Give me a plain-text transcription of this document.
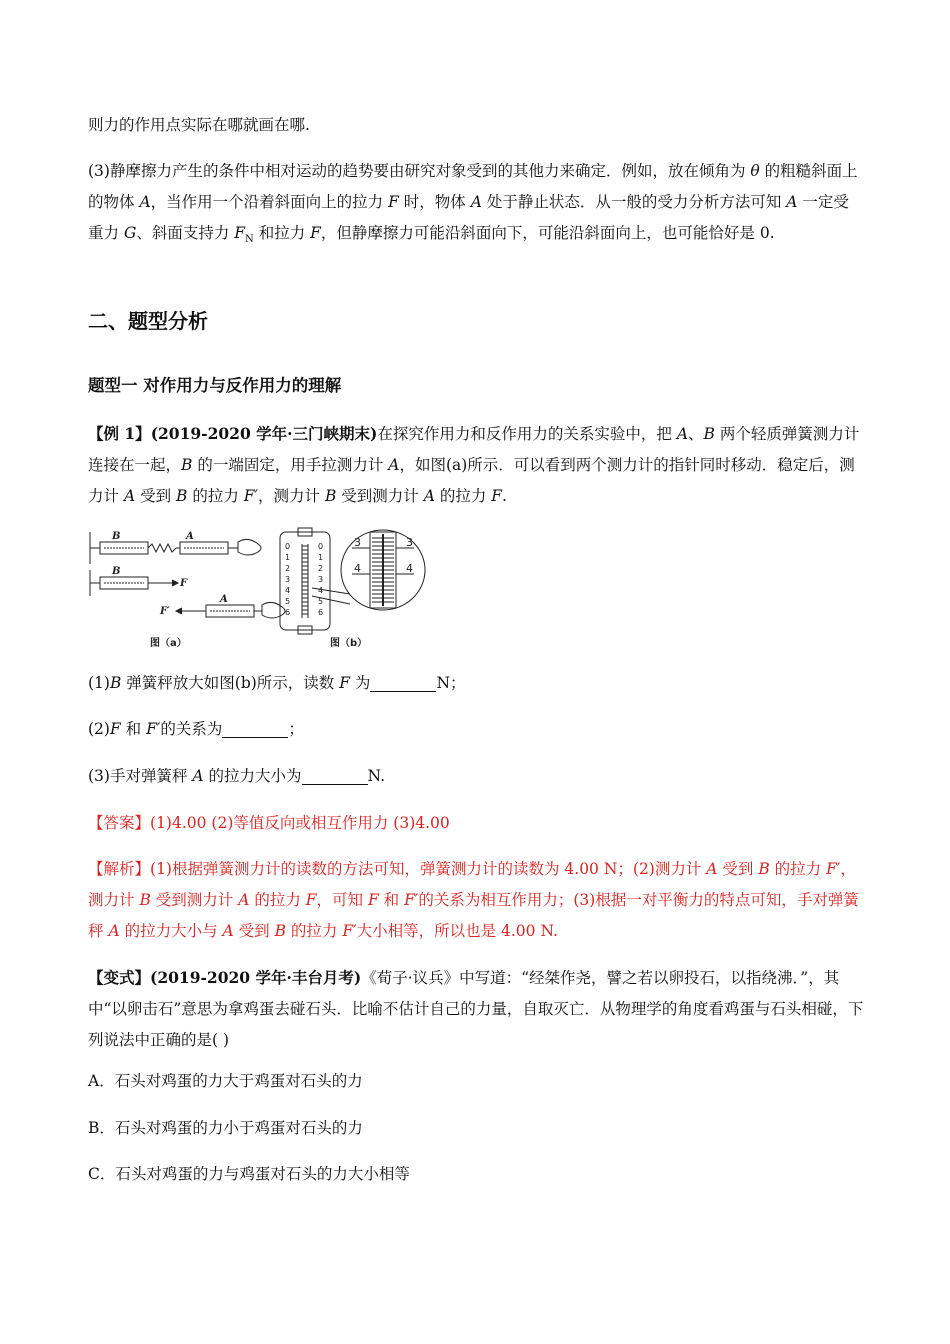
则力的作用点实际在哪就画在哪.

(3)静摩擦力产生的条件中相对运动的趋势要由研究对象受到的其他力来确定．例如，放在倾角为 θ 的粗糙斜面上的物体 A，当作用一个沿着斜面向上的拉力 F 时，物体 A 处于静止状态．从一般的受力分析方法可知 A 一定受重力 G、斜面支持力 $F_N$ 和拉力 F，但静摩擦力可能沿斜面向下，可能沿斜面向上，也可能恰好是 0.

二、题型分析

题型一 对作用力与反作用力的理解

【例 1】(2019-2020 学年·三门峡期末)在探究作用力和反作用力的关系实验中，把 A、B 两个轻质弹簧测力计连接在一起，B 的一端固定，用手拉测力计 A，如图(a)所示．可以看到两个测力计的指针同时移动．稳定后，测力计 A 受到 B 的拉力 F′，测力计 B 受到测力计 A 的拉力 F.

B	A
B
F
F′
A
图（a）
0
1
2
3
4
5
6
0
1
2
3
4
5
6
3
4
3
4
图（b）

(1)B 弹簧秤放大如图(b)所示，读数 F 为	N；

(2)F 和 F′的关系为	；

(3)手对弹簧秤 A 的拉力大小为	N.

【答案】(1)4.00 (2)等值反向或相互作用力 (3)4.00

【解析】(1)根据弹簧测力计的读数的方法可知，弹簧测力计的读数为 4.00 N；(2)测力计 A 受到 B 的拉力 F′，测力计 B 受到测力计 A 的拉力 F，可知 F 和 F′的关系为相互作用力；(3)根据一对平衡力的特点可知，手对弹簧秤 A 的拉力大小与 A 受到 B 的拉力 F′大小相等，所以也是 4.00 N.

【变式】(2019-2020 学年·丰台月考)《荀子·议兵》中写道：“经桀作尧，譬之若以卵投石，以指绕沸．”，其中“以卵击石”意思为拿鸡蛋去碰石头．比喻不估计自己的力量，自取灭亡．从物理学的角度看鸡蛋与石头相碰，下列说法中正确的是( )

A．石头对鸡蛋的力大于鸡蛋对石头的力

B．石头对鸡蛋的力小于鸡蛋对石头的力

C．石头对鸡蛋的力与鸡蛋对石头的力大小相等
